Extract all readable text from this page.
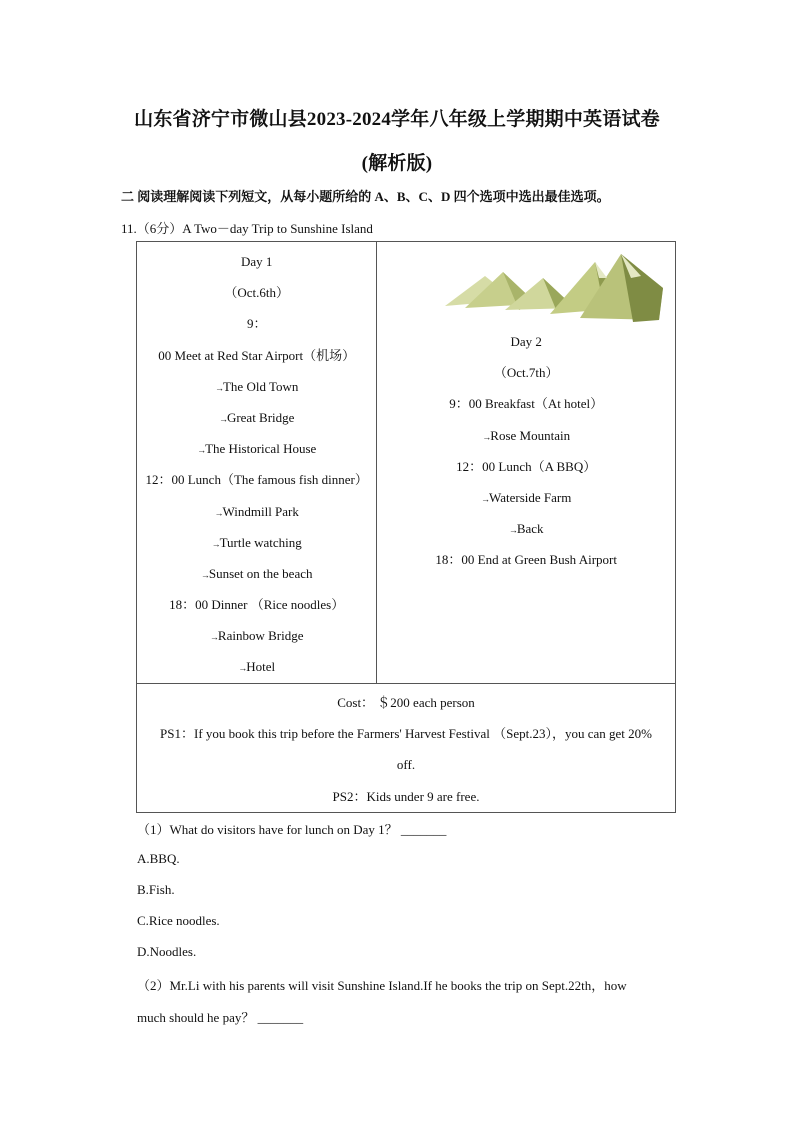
山东省济宁市微山县2023-2024学年八年级上学期期中英语试卷
(解析版)
二 阅读理解阅读下列短文，从每小题所给的 A、B、C、D 四个选项中选出最佳选项。
11.（6分）A Two－day Trip to Sunshine Island
Day 1
（Oct.6th）
9：
00 Meet at Red Star Airport（机场）
→The Old Town
→Great Bridge
→The Historical House
12：00 Lunch（The famous fish dinner）
→Windmill Park
→Turtle watching
→Sunset on the beach
18：00 Dinner （Rice noodles）
→Rainbow Bridge
→Hotel

Day 2
（Oct.7th）
9：00 Breakfast（At hotel）
→Rose Mountain
12：00 Lunch（A BBQ）
→Waterside Farm
→Back
18：00 End at Green Bush Airport

Cost： ＄200 each person
PS1：If you book this trip before the Farmers' Harvest Festival （Sept.23），you can get 20%
off.
PS2：Kids under 9 are free.
（1）What do visitors have for lunch on Day 1？ _______
A.BBQ.
B.Fish.
C.Rice noodles.
D.Noodles.
（2）Mr.Li with his parents will visit Sunshine Island.If he books the trip on Sept.22th，how
much should he pay？ _______
